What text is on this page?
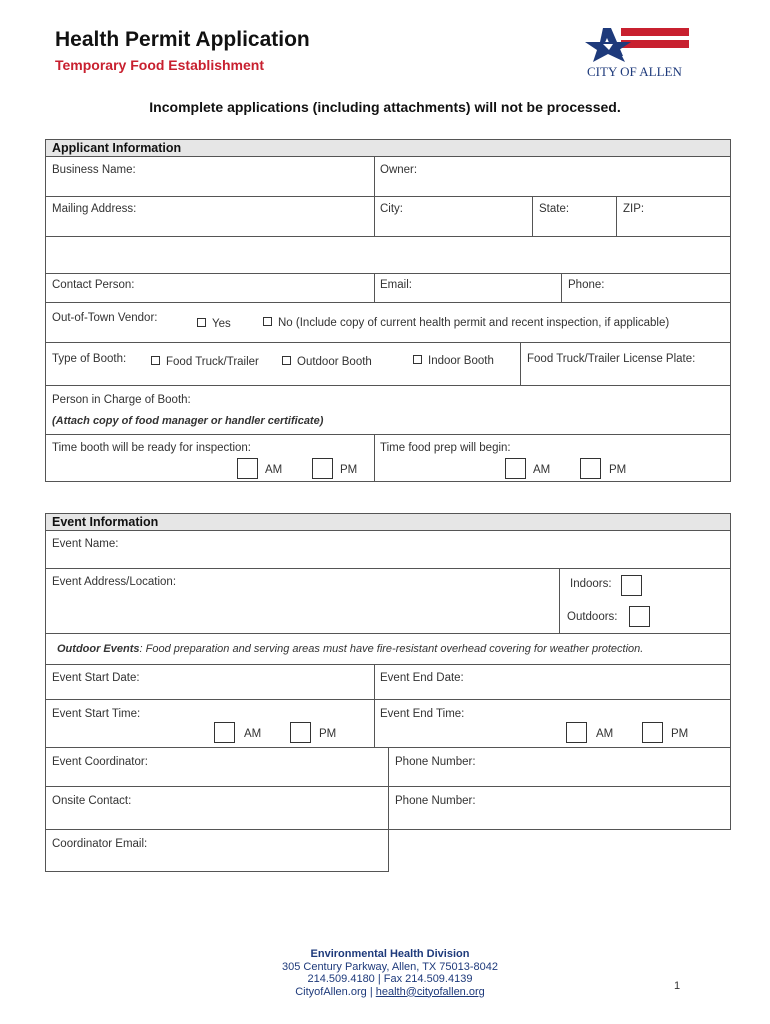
Health Permit Application
Temporary Food Establishment	CITY OF ALLEN
Incomplete applications (including attachments) will not be processed.
Applicant Information
Business Name:	Owner:
Mailing Address:	City:	State:	ZIP:
Contact Person:	Email:	Phone:
Out-of-Town Vendor:	Yes	No (Include copy of current health permit and recent inspection, if applicable)
Type of Booth:	Food Truck/Trailer	Outdoor Booth	Indoor Booth	Food Truck/Trailer License Plate:
Person in Charge of Booth:
(Attach copy of food manager or handler certificate)
Time booth will be ready for inspection:	Time food prep will begin:
AM	PM	AM	PM
Event Information
Event Name:
Event Address/Location:	Indoors:
Outdoors:
Outdoor Events: Food preparation and serving areas must have fire-resistant overhead covering for weather protection.
Event Start Date:	Event End Date:
Event Start Time:	Event End Time:
AM	PM	AM	PM
Event Coordinator:	Phone Number:
Onsite Contact:	Phone Number:
Coordinator Email:
Environmental Health Division
305 Century Parkway, Allen, TX 75013-8042
214.509.4180 | Fax 214.509.4139
CityofAllen.org | health@cityofallen.org	1
